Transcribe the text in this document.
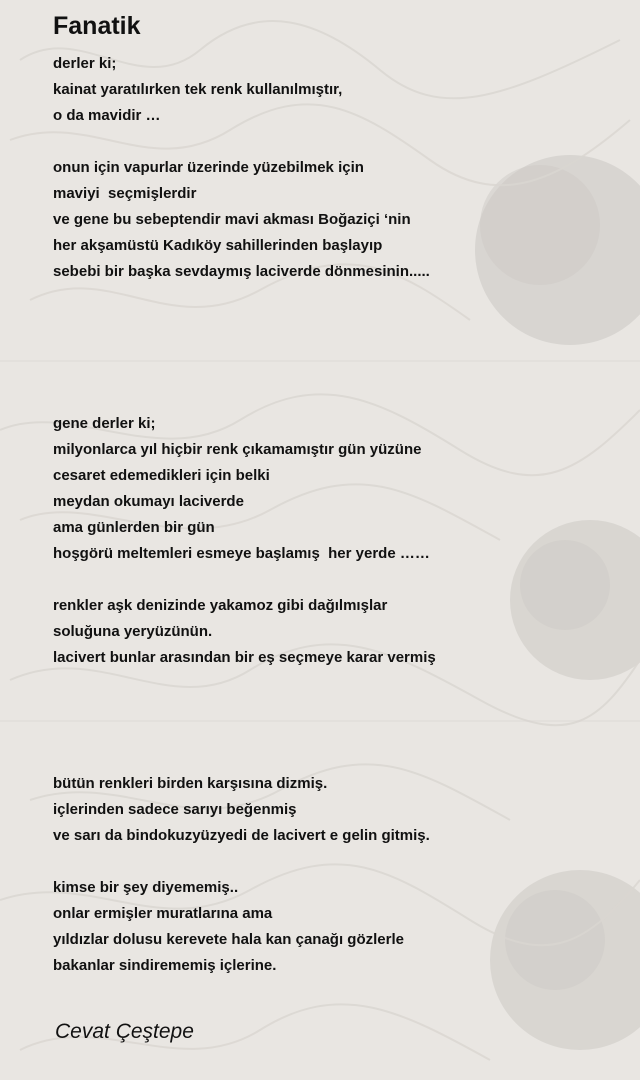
Fanatik
derler ki;
kainat yaratılırken tek renk kullanılmıştır,
o da mavidir …
onun için vapurlar üzerinde yüzebilmek için
maviyi  seçmişlerdir
ve gene bu sebeptendir mavi akması Boğaziçi ‘nin
her akşamüstü Kadıköy sahillerinden başlayıp
sebebi bir başka sevdaymış laciverde dönmesinin.....
gene derler ki;
milyonlarca yıl hiçbir renk çıkamamıştır gün yüzüne
cesaret edemedikleri için belki
meydan okumayı laciverde
ama günlerden bir gün
hoşgörü meltemleri esmeye başlamış  her yerde ……
renkler aşk denizinde yakamoz gibi dağılmışlar
soluğuna yeryüzünün.
lacivert bunlar arasından bir eş seçmeye karar vermiş
bütün renkleri birden karşısına dizmiş.
içlerinden sadece sarıyı beğenmiş
ve sarı da bindokuzyüzyedi de lacivert e gelin gitmiş.
kimse bir şey diyememiş..
onlar ermişler muratlarına ama
yıldızlar dolusu kerevete hala kan çanağı gözlerle
bakanlar sindirememiş içlerine.
Cevat Çeştepe
